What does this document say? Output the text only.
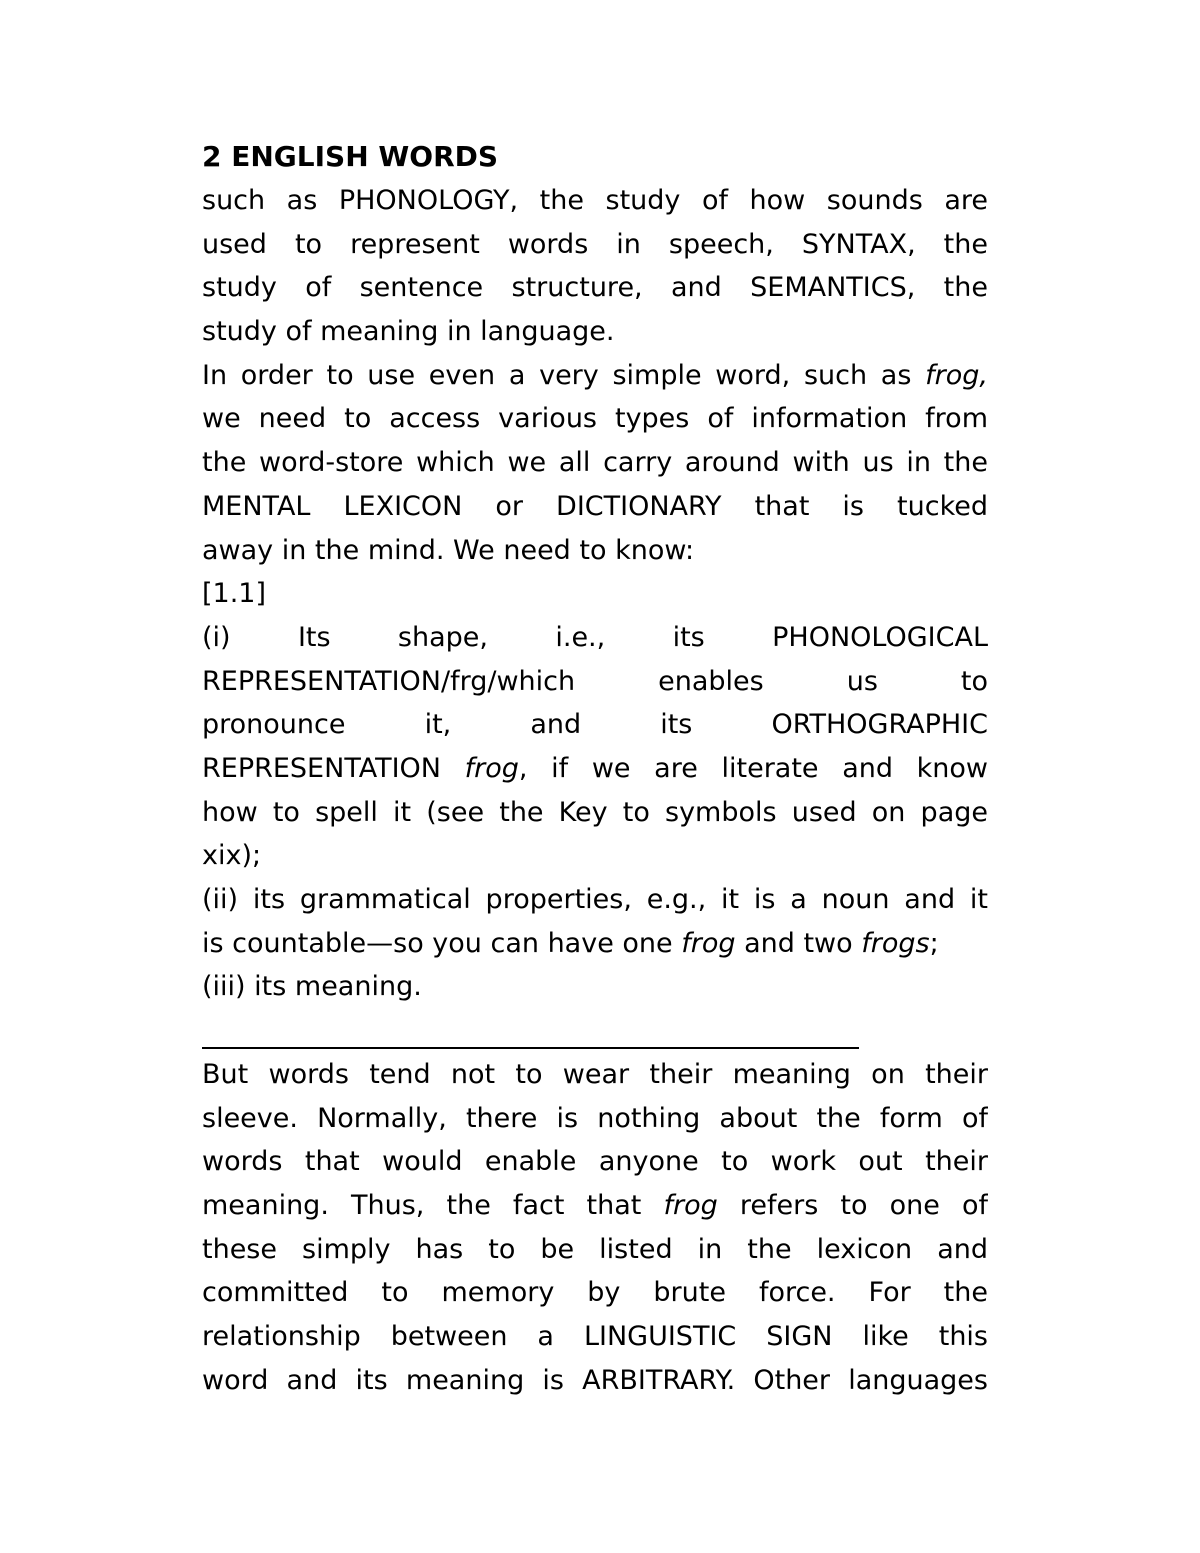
2 ENGLISH WORDS
such as PHONOLOGY, the study of how sounds are
used to represent words in speech, SYNTAX, the
study of sentence structure, and SEMANTICS, the
study of meaning in language.
In order to use even a very simple word, such as frog,
we need to access various types of information from
the word-store which we all carry around with us in the
MENTAL LEXICON or DICTIONARY that is tucked
away in the mind. We need to know:
[1.1]
(i) Its shape, i.e., its PHONOLOGICAL
REPRESENTATION/frg/which enables us to
pronounce it, and its ORTHOGRAPHIC
REPRESENTATION frog, if we are literate and know
how to spell it (see the Key to symbols used on page
xix);
(ii) its grammatical properties, e.g., it is a noun and it
is countable—so you can have one frog and two frogs;
(iii) its meaning.
But words tend not to wear their meaning on their
sleeve. Normally, there is nothing about the form of
words that would enable anyone to work out their
meaning. Thus, the fact that frog refers to one of
these simply has to be listed in the lexicon and
committed to memory by brute force. For the
relationship between a LINGUISTIC SIGN like this
word and its meaning is ARBITRARY. Other languages
